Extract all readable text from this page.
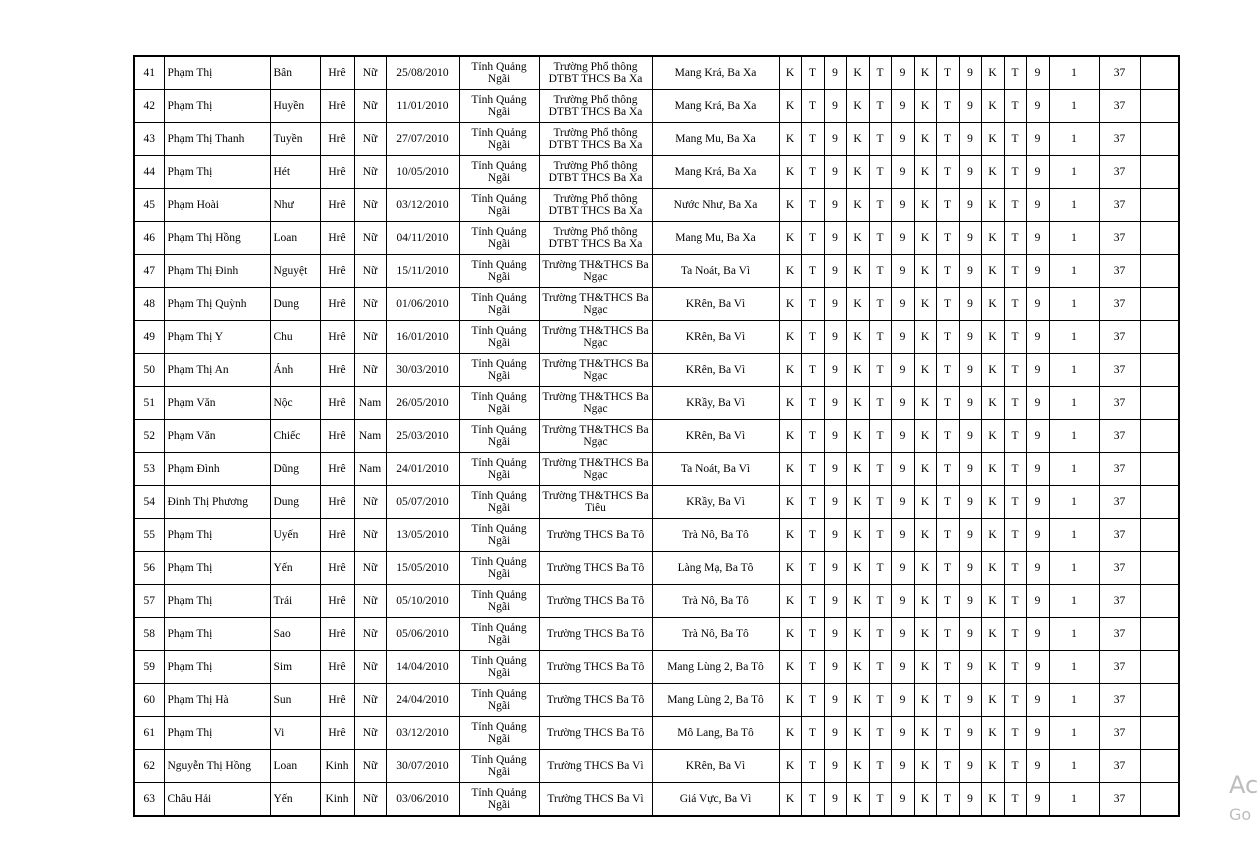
41	Phạm Thị	Bân	Hrê	Nữ	25/08/2010	Tỉnh Quảng Ngãi	Trường Phổ thông DTBT THCS Ba Xa	Mang Krá, Ba Xa	K	T	9	K	T	9	K	T	9	K	T	9	1	37	
42	Phạm Thị	Huyền	Hrê	Nữ	11/01/2010	Tỉnh Quảng Ngãi	Trường Phổ thông DTBT THCS Ba Xa	Mang Krá, Ba Xa	K	T	9	K	T	9	K	T	9	K	T	9	1	37	
43	Phạm Thị Thanh	Tuyền	Hrê	Nữ	27/07/2010	Tỉnh Quảng Ngãi	Trường Phổ thông DTBT THCS Ba Xa	Mang Mu, Ba Xa	K	T	9	K	T	9	K	T	9	K	T	9	1	37	
44	Phạm Thị	Hét	Hrê	Nữ	10/05/2010	Tỉnh Quảng Ngãi	Trường Phổ thông DTBT THCS Ba Xa	Mang Krá, Ba Xa	K	T	9	K	T	9	K	T	9	K	T	9	1	37	
45	Phạm Hoài	Như	Hrê	Nữ	03/12/2010	Tỉnh Quảng Ngãi	Trường Phổ thông DTBT THCS Ba Xa	Nước Như, Ba Xa	K	T	9	K	T	9	K	T	9	K	T	9	1	37	
46	Phạm Thị Hồng	Loan	Hrê	Nữ	04/11/2010	Tỉnh Quảng Ngãi	Trường Phổ thông DTBT THCS Ba Xa	Mang Mu, Ba Xa	K	T	9	K	T	9	K	T	9	K	T	9	1	37	
47	Phạm Thị Đinh	Nguyệt	Hrê	Nữ	15/11/2010	Tỉnh Quảng Ngãi	Trường TH&THCS Ba Ngạc	Ta Noát, Ba Vì	K	T	9	K	T	9	K	T	9	K	T	9	1	37	
48	Phạm Thị Quỳnh	Dung	Hrê	Nữ	01/06/2010	Tỉnh Quảng Ngãi	Trường TH&THCS Ba Ngạc	KRên, Ba Vì	K	T	9	K	T	9	K	T	9	K	T	9	1	37	
49	Phạm Thị Y	Chu	Hrê	Nữ	16/01/2010	Tỉnh Quảng Ngãi	Trường TH&THCS Ba Ngạc	KRên, Ba Vì	K	T	9	K	T	9	K	T	9	K	T	9	1	37	
50	Phạm Thị An	Ánh	Hrê	Nữ	30/03/2010	Tỉnh Quảng Ngãi	Trường TH&THCS Ba Ngạc	KRên, Ba Vì	K	T	9	K	T	9	K	T	9	K	T	9	1	37	
51	Phạm Văn	Nộc	Hrê	Nam	26/05/2010	Tỉnh Quảng Ngãi	Trường TH&THCS Ba Ngạc	KRầy, Ba Vì	K	T	9	K	T	9	K	T	9	K	T	9	1	37	
52	Phạm Văn	Chiếc	Hrê	Nam	25/03/2010	Tỉnh Quảng Ngãi	Trường TH&THCS Ba Ngạc	KRên, Ba Vì	K	T	9	K	T	9	K	T	9	K	T	9	1	37	
53	Phạm Đình	Dũng	Hrê	Nam	24/01/2010	Tỉnh Quảng Ngãi	Trường TH&THCS Ba Ngạc	Ta Noát, Ba Vì	K	T	9	K	T	9	K	T	9	K	T	9	1	37	
54	Đinh Thị Phương	Dung	Hrê	Nữ	05/07/2010	Tỉnh Quảng Ngãi	Trường TH&THCS Ba Tiêu	KRầy, Ba Vì	K	T	9	K	T	9	K	T	9	K	T	9	1	37	
55	Phạm Thị	Uyến	Hrê	Nữ	13/05/2010	Tỉnh Quảng Ngãi	Trường THCS Ba Tô	Trà Nô, Ba Tô	K	T	9	K	T	9	K	T	9	K	T	9	1	37	
56	Phạm Thị	Yến	Hrê	Nữ	15/05/2010	Tỉnh Quảng Ngãi	Trường THCS Ba Tô	Làng Mạ, Ba Tô	K	T	9	K	T	9	K	T	9	K	T	9	1	37	
57	Phạm Thị	Trái	Hrê	Nữ	05/10/2010	Tỉnh Quảng Ngãi	Trường THCS Ba Tô	Trà Nô, Ba Tô	K	T	9	K	T	9	K	T	9	K	T	9	1	37	
58	Phạm Thị	Sao	Hrê	Nữ	05/06/2010	Tỉnh Quảng Ngãi	Trường THCS Ba Tô	Trà Nô, Ba Tô	K	T	9	K	T	9	K	T	9	K	T	9	1	37	
59	Phạm Thị	Sim	Hrê	Nữ	14/04/2010	Tỉnh Quảng Ngãi	Trường THCS Ba Tô	Mang Lùng 2, Ba Tô	K	T	9	K	T	9	K	T	9	K	T	9	1	37	
60	Phạm Thị Hà	Sun	Hrê	Nữ	24/04/2010	Tỉnh Quảng Ngãi	Trường THCS Ba Tô	Mang Lùng 2, Ba Tô	K	T	9	K	T	9	K	T	9	K	T	9	1	37	
61	Phạm Thị	Vi	Hrê	Nữ	03/12/2010	Tỉnh Quảng Ngãi	Trường THCS Ba Tô	Mô Lang, Ba Tô	K	T	9	K	T	9	K	T	9	K	T	9	1	37	
62	Nguyễn Thị Hồng	Loan	Kinh	Nữ	30/07/2010	Tỉnh Quảng Ngãi	Trường THCS Ba Vì	KRên, Ba Vì	K	T	9	K	T	9	K	T	9	K	T	9	1	37	
63	Châu Hải	Yến	Kinh	Nữ	03/06/2010	Tỉnh Quảng Ngãi	Trường THCS Ba Vì	Giá Vực, Ba Vì	K	T	9	K	T	9	K	T	9	K	T	9	1	37		Ac
Go
